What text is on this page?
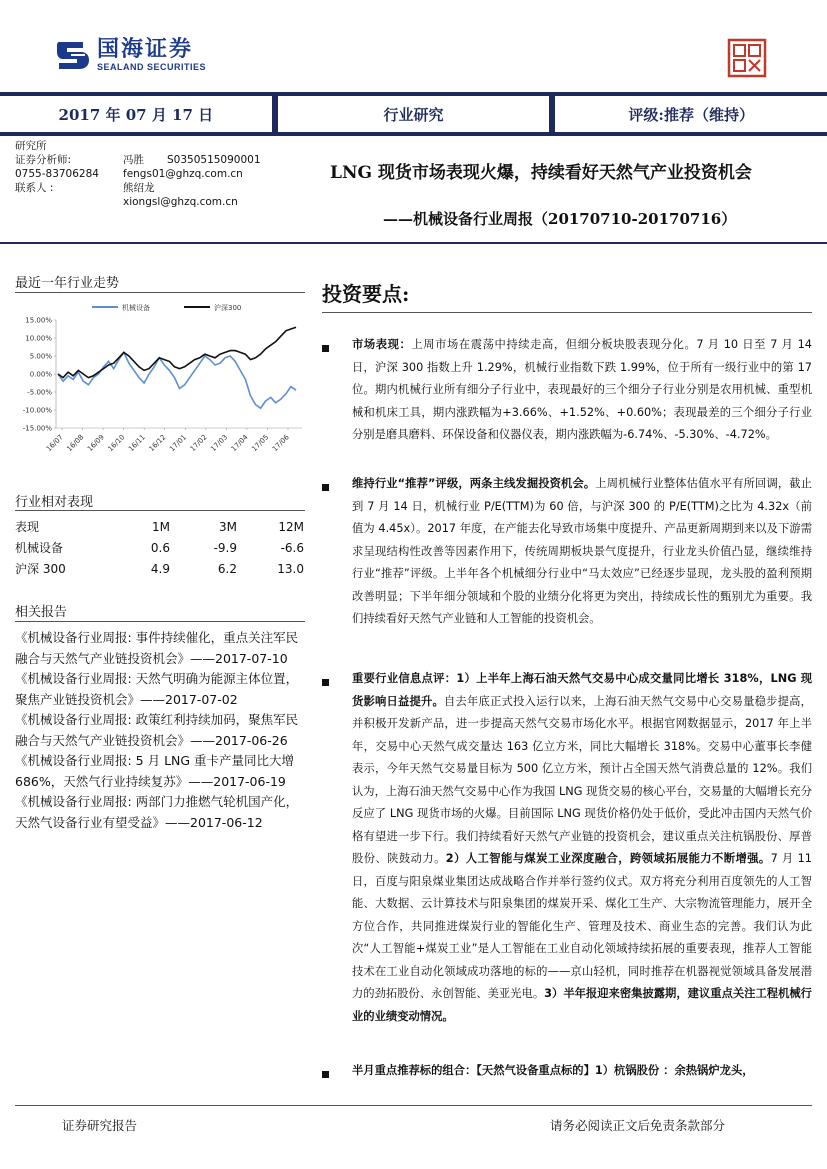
国海证券
SEALAND SECURITIES
2017 年 07 月 17 日	行业研究	评级:推荐（维持）
研究所
证券分析师:	冯胜	S0350515090001
0755-83706284	fengs01@ghzq.com.cn
联系人 :	熊绍龙
xiongsl@ghzq.com.cn
LNG 现货市场表现火爆，持续看好天然气产业投资机会
——机械设备行业周报（20170710-20170716）
最近一年行业走势
机械设备	沪深300
15.00%
10.00%
5.00%
0.00%
-5.00%
-10.00%
-15.00%
16/07 16/08 16/09 16/10 16/11 16/12 17/01 17/02 17/03 17/04 17/05 17/06
行业相对表现
表现	1M	3M	12M
机械设备	0.6	-9.9	-6.6
沪深 300	4.9	6.2	13.0
相关报告
《机械设备行业周报: 事件持续催化，重点关注军民融合与天然气产业链投资机会》——2017-07-10
《机械设备行业周报: 天然气明确为能源主体位置，聚焦产业链投资机会》——2017-07-02
《机械设备行业周报: 政策红利持续加码，聚焦军民融合与天然气产业链投资机会》——2017-06-26
《机械设备行业周报: 5 月 LNG 重卡产量同比大增 686%，天然气行业持续复苏》——2017-06-19
《机械设备行业周报: 两部门力推燃气轮机国产化，天然气设备行业有望受益》——2017-06-12
投资要点:
市场表现：上周市场在震荡中持续走高，但细分板块股表现分化。7 月 10 日至 7 月 14 日，沪深 300 指数上升 1.29%，机械行业指数下跌 1.99%，位于所有一级行业中的第 17 位。期内机械行业所有细分子行业中，表现最好的三个细分子行业分别是农用机械、重型机械和机床工具，期内涨跌幅为+3.66%、+1.52%、+0.60%；表现最差的三个细分子行业分别是磨具磨料、环保设备和仪器仪表，期内涨跌幅为-6.74%、-5.30%、-4.72%。
维持行业“推荐”评级，两条主线发掘投资机会。上周机械行业整体估值水平有所回调，截止到 7 月 14 日，机械行业 P/E(TTM)为 60 倍，与沪深 300 的 P/E(TTM)之比为 4.32x（前值为 4.45x）。2017 年度，在产能去化导致市场集中度提升、产品更新周期到来以及下游需求呈现结构性改善等因素作用下，传统周期板块景气度提升，行业龙头价值凸显，继续维持行业“推荐”评级。上半年各个机械细分行业中“马太效应”已经逐步显现，龙头股的盈利预期改善明显；下半年细分领域和个股的业绩分化将更为突出，持续成长性的甄别尤为重要。我们持续看好天然气产业链和人工智能的投资机会。
重要行业信息点评：1）上半年上海石油天然气交易中心成交量同比增长 318%，LNG 现货影响日益提升。自去年底正式投入运行以来，上海石油天然气交易中心交易量稳步提高，并积极开发新产品，进一步提高天然气交易市场化水平。根据官网数据显示，2017 年上半年，交易中心天然气成交量达 163 亿立方米，同比大幅增长 318%。交易中心董事长李健表示，今年天然气交易量目标为 500 亿立方米，预计占全国天然气消费总量的 12%。我们认为，上海石油天然气交易中心作为我国 LNG 现货交易的核心平台，交易量的大幅增长充分反应了 LNG 现货市场的火爆。目前国际 LNG 现货价格仍处于低价，受此冲击国内天然气价格有望进一步下行。我们持续看好天然气产业链的投资机会，建议重点关注杭锅股份、厚普股份、陕鼓动力。2）人工智能与煤炭工业深度融合，跨领域拓展能力不断增强。7 月 11 日，百度与阳泉煤业集团达成战略合作并举行签约仪式。双方将充分利用百度领先的人工智能、大数据、云计算技术与阳泉集团的煤炭开采、煤化工生产、大宗物流管理能力，展开全方位合作，共同推进煤炭行业的智能化生产、管理及技术、商业生态的完善。我们认为此次“人工智能+煤炭工业”是人工智能在工业自动化领域持续拓展的重要表现，推荐人工智能技术在工业自动化领域成功落地的标的——京山轻机，同时推荐在机器视觉领域具备发展潜力的劲拓股份、永创智能、美亚光电。3）半年报迎来密集披露期，建议重点关注工程机械行业的业绩变动情况。
半月重点推荐标的组合：【天然气设备重点标的】1）杭锅股份 ：余热锅炉龙头，
证券研究报告	请务必阅读正文后免责条款部分
